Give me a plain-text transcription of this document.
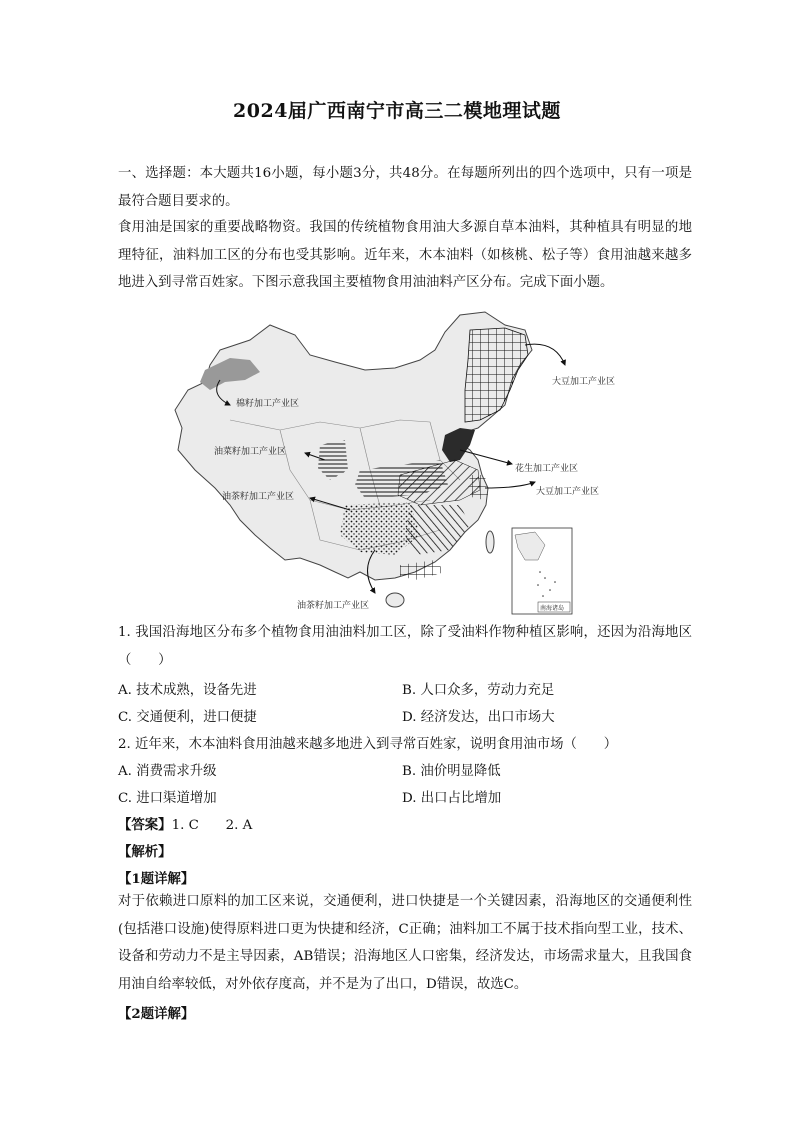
2024届广西南宁市高三二模地理试题
一、选择题：本大题共16小题，每小题3分，共48分。在每题所列出的四个选项中，只有一项是最符合题目要求的。
食用油是国家的重要战略物资。我国的传统植物食用油大多源自草本油料，其种植具有明显的地理特征，油料加工区的分布也受其影响。近年来，木本油料（如核桃、松子等）食用油越来越多地进入到寻常百姓家。下图示意我国主要植物食用油油料产区分布。完成下面小题。
南海诸岛
棉籽加工产业区
大豆加工产业区
油菜籽加工产业区
花生加工产业区
油茶籽加工产业区	大豆加工产业区
油茶籽加工产业区
1. 我国沿海地区分布多个植物食用油油料加工区，除了受油料作物种植区影响，还因为沿海地区（　　）
A. 技术成熟，设备先进	B. 人口众多，劳动力充足
C. 交通便利，进口便捷	D. 经济发达，出口市场大
2. 近年来，木本油料食用油越来越多地进入到寻常百姓家，说明食用油市场（　　）
A. 消费需求升级	B. 油价明显降低
C. 进口渠道增加	D. 出口占比增加
【答案】1. C　　2. A
【解析】
【1题详解】
对于依赖进口原料的加工区来说，交通便利，进口快捷是一个关键因素，沿海地区的交通便利性(包括港口设施)使得原料进口更为快捷和经济，C正确；油料加工不属于技术指向型工业，技术、设备和劳动力不是主导因素，AB错误；沿海地区人口密集，经济发达，市场需求量大，且我国食用油自给率较低，对外依存度高，并不是为了出口，D错误，故选C。
【2题详解】
